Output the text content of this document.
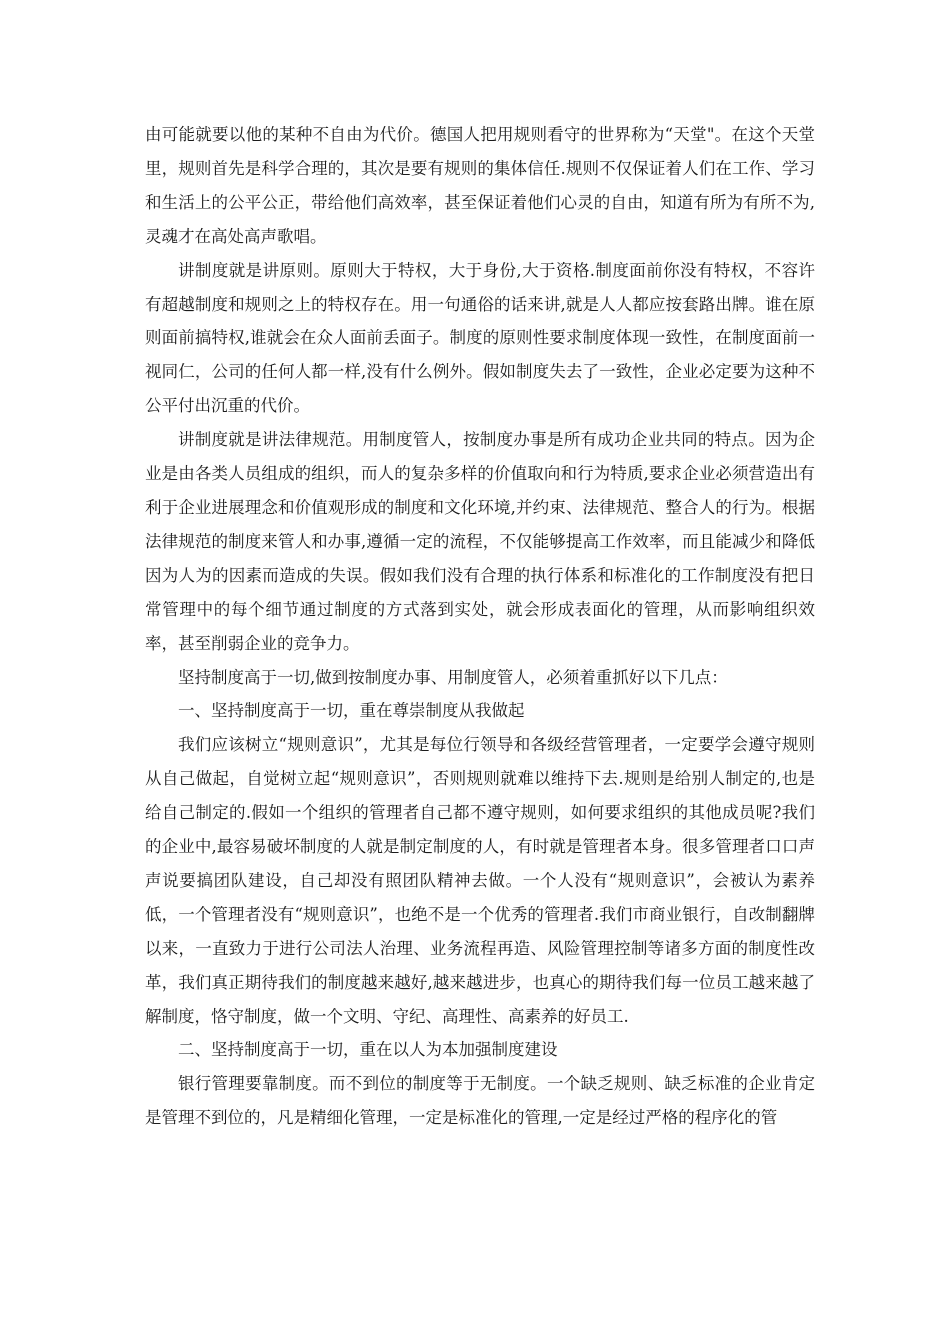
由可能就要以他的某种不自由为代价。德国人把用规则看守的世界称为“天堂"。在这个天堂里，规则首先是科学合理的，其次是要有规则的集体信任.规则不仅保证着人们在工作、学习和生活上的公平公正，带给他们高效率，甚至保证着他们心灵的自由，知道有所为有所不为,灵魂才在高处高声歌唱。

讲制度就是讲原则。原则大于特权，大于身份,大于资格.制度面前你没有特权，不容许有超越制度和规则之上的特权存在。用一句通俗的话来讲,就是人人都应按套路出牌。谁在原则面前搞特权,谁就会在众人面前丢面子。制度的原则性要求制度体现一致性，在制度面前一视同仁，公司的任何人都一样,没有什么例外。假如制度失去了一致性，企业必定要为这种不公平付出沉重的代价。

讲制度就是讲法律规范。用制度管人，按制度办事是所有成功企业共同的特点。因为企业是由各类人员组成的组织，而人的复杂多样的价值取向和行为特质,要求企业必须营造出有利于企业进展理念和价值观形成的制度和文化环境,并约束、法律规范、整合人的行为。根据法律规范的制度来管人和办事,遵循一定的流程，不仅能够提高工作效率，而且能减少和降低因为人为的因素而造成的失误。假如我们没有合理的执行体系和标准化的工作制度没有把日常管理中的每个细节通过制度的方式落到实处，就会形成表面化的管理，从而影响组织效率，甚至削弱企业的竞争力。

坚持制度高于一切,做到按制度办事、用制度管人，必须着重抓好以下几点：

一、坚持制度高于一切，重在尊崇制度从我做起

我们应该树立“规则意识”，尤其是每位行领导和各级经营管理者，一定要学会遵守规则从自己做起，自觉树立起“规则意识”，否则规则就难以维持下去.规则是给别人制定的,也是给自己制定的.假如一个组织的管理者自己都不遵守规则，如何要求组织的其他成员呢?我们的企业中,最容易破坏制度的人就是制定制度的人，有时就是管理者本身。很多管理者口口声声说要搞团队建设，自己却没有照团队精神去做。一个人没有“规则意识”，会被认为素养低，一个管理者没有“规则意识”，也绝不是一个优秀的管理者.我们市商业银行，自改制翻牌以来，一直致力于进行公司法人治理、业务流程再造、风险管理控制等诸多方面的制度性改革，我们真正期待我们的制度越来越好,越来越进步，也真心的期待我们每一位员工越来越了解制度，恪守制度，做一个文明、守纪、高理性、高素养的好员工.

二、坚持制度高于一切，重在以人为本加强制度建设

银行管理要靠制度。而不到位的制度等于无制度。一个缺乏规则、缺乏标准的企业肯定是管理不到位的，凡是精细化管理，一定是标准化的管理,一定是经过严格的程序化的管
